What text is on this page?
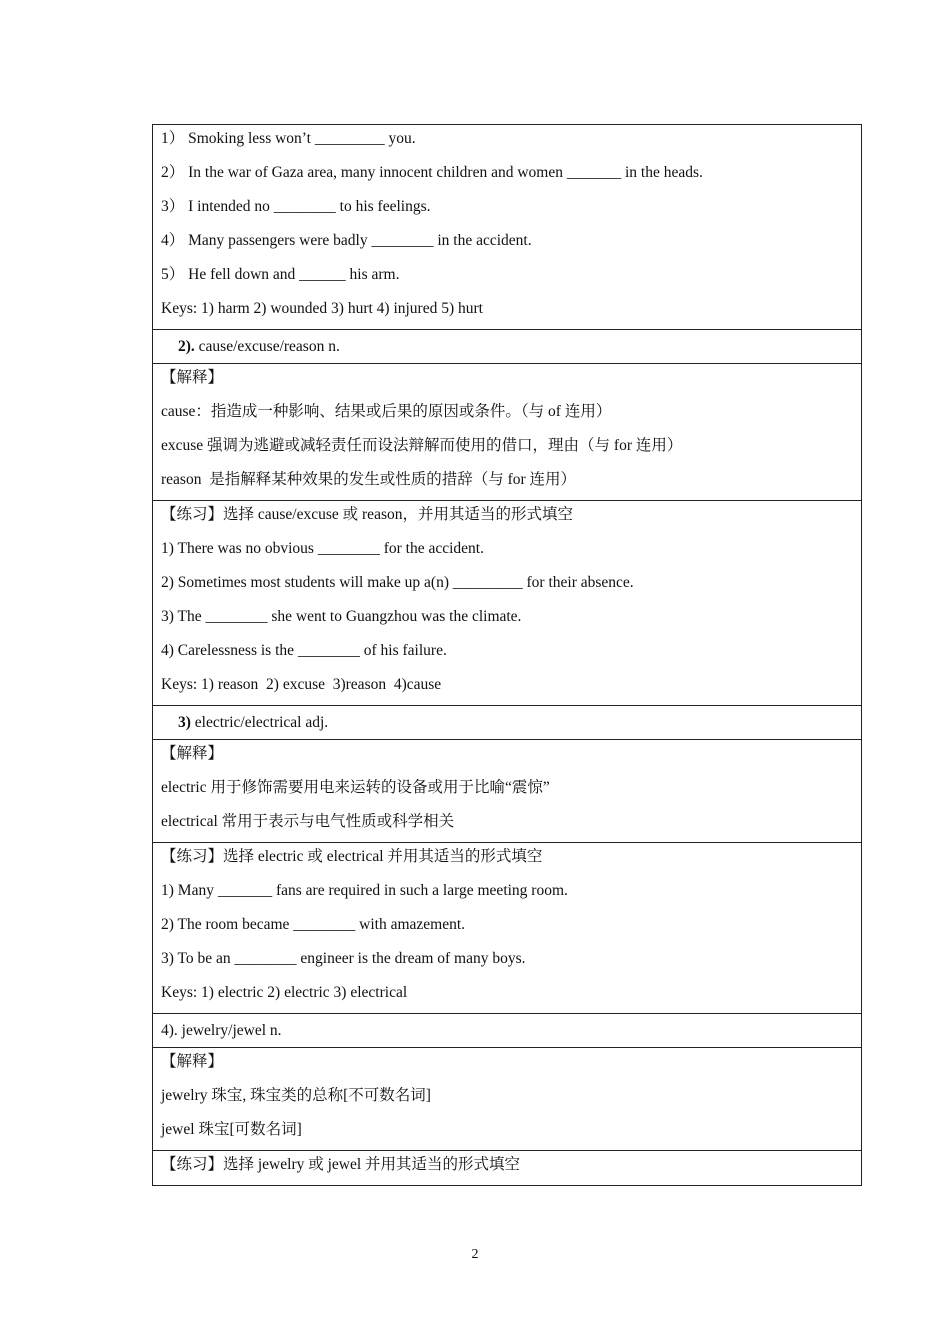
1） Smoking less won’t _________ you.
2） In the war of Gaza area, many innocent children and women _______ in the heads.
3） I intended no ________ to his feelings.
4） Many passengers were badly ________ in the accident.
5） He fell down and ______ his arm.
Keys: 1) harm 2) wounded 3) hurt 4) injured 5) hurt
2). cause/excuse/reason n.
【解释】
cause：指造成一种影响、结果或后果的原因或条件。（与 of 连用）
excuse 强调为逃避或减轻责任而设法辩解而使用的借口，理由（与 for 连用）
reason  是指解释某种效果的发生或性质的措辞（与 for 连用）
【练习】选择 cause/excuse 或 reason，并用其适当的形式填空
1) There was no obvious ________ for the accident.
2) Sometimes most students will make up a(n) _________ for their absence.
3) The ________ she went to Guangzhou was the climate.
4) Carelessness is the ________ of his failure.
Keys: 1) reason  2) excuse  3)reason  4)cause
3) electric/electrical adj.
【解释】
electric 用于修饰需要用电来运转的设备或用于比喻“震惊”
electrical 常用于表示与电气性质或科学相关
【练习】选择 electric 或 electrical 并用其适当的形式填空
1) Many _______ fans are required in such a large meeting room.
2) The room became ________ with amazement.
3) To be an ________ engineer is the dream of many boys.
Keys: 1) electric 2) electric 3) electrical
4). jewelry/jewel n.
【解释】
jewelry 珠宝, 珠宝类的总称[不可数名词]
jewel 珠宝[可数名词]
【练习】选择 jewelry 或 jewel 并用其适当的形式填空
2
